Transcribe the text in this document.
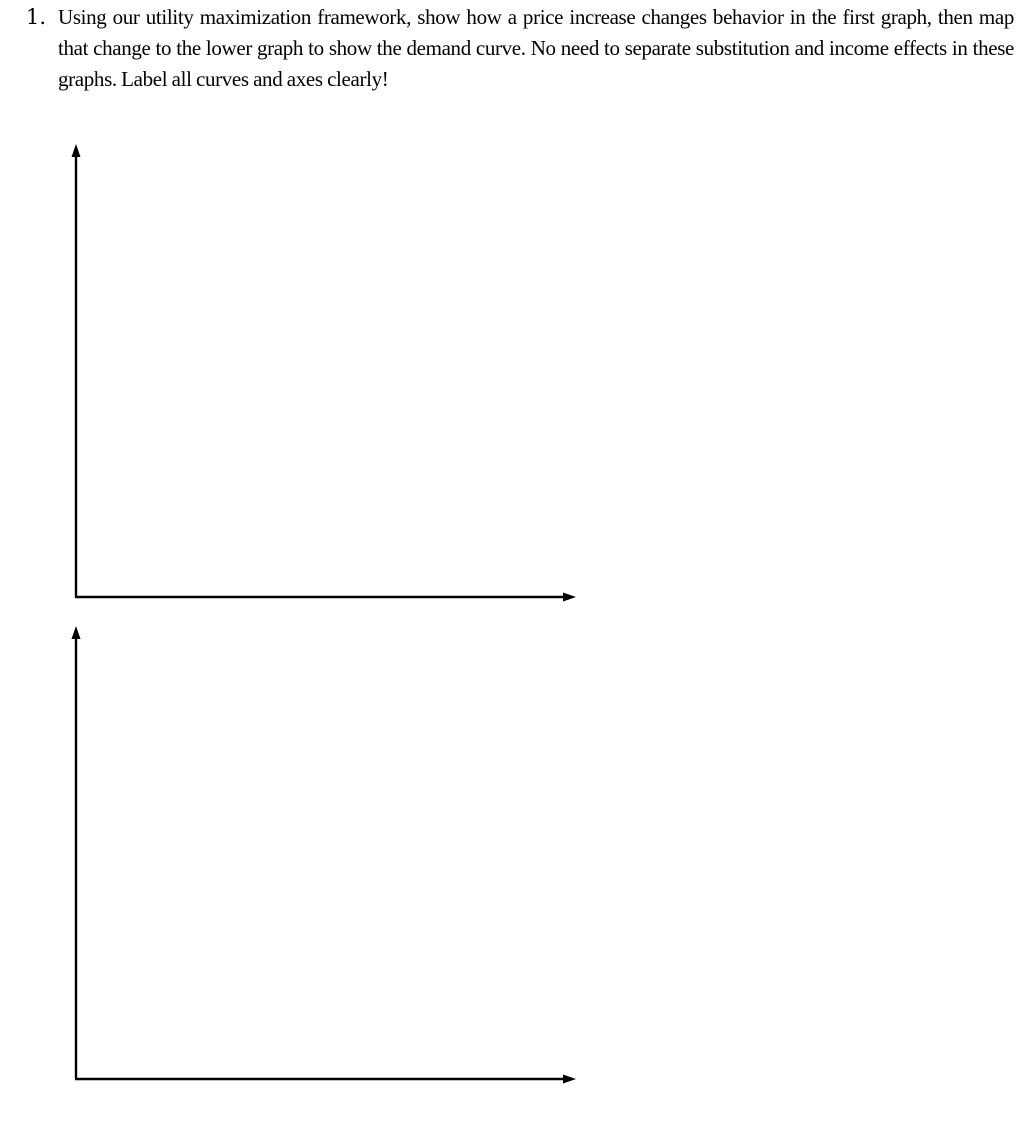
1. Using our utility maximization framework, show how a price increase changes behavior in the first graph, then map that change to the lower graph to show the demand curve. No need to separate substitution and income effects in these graphs. Label all curves and axes clearly!
